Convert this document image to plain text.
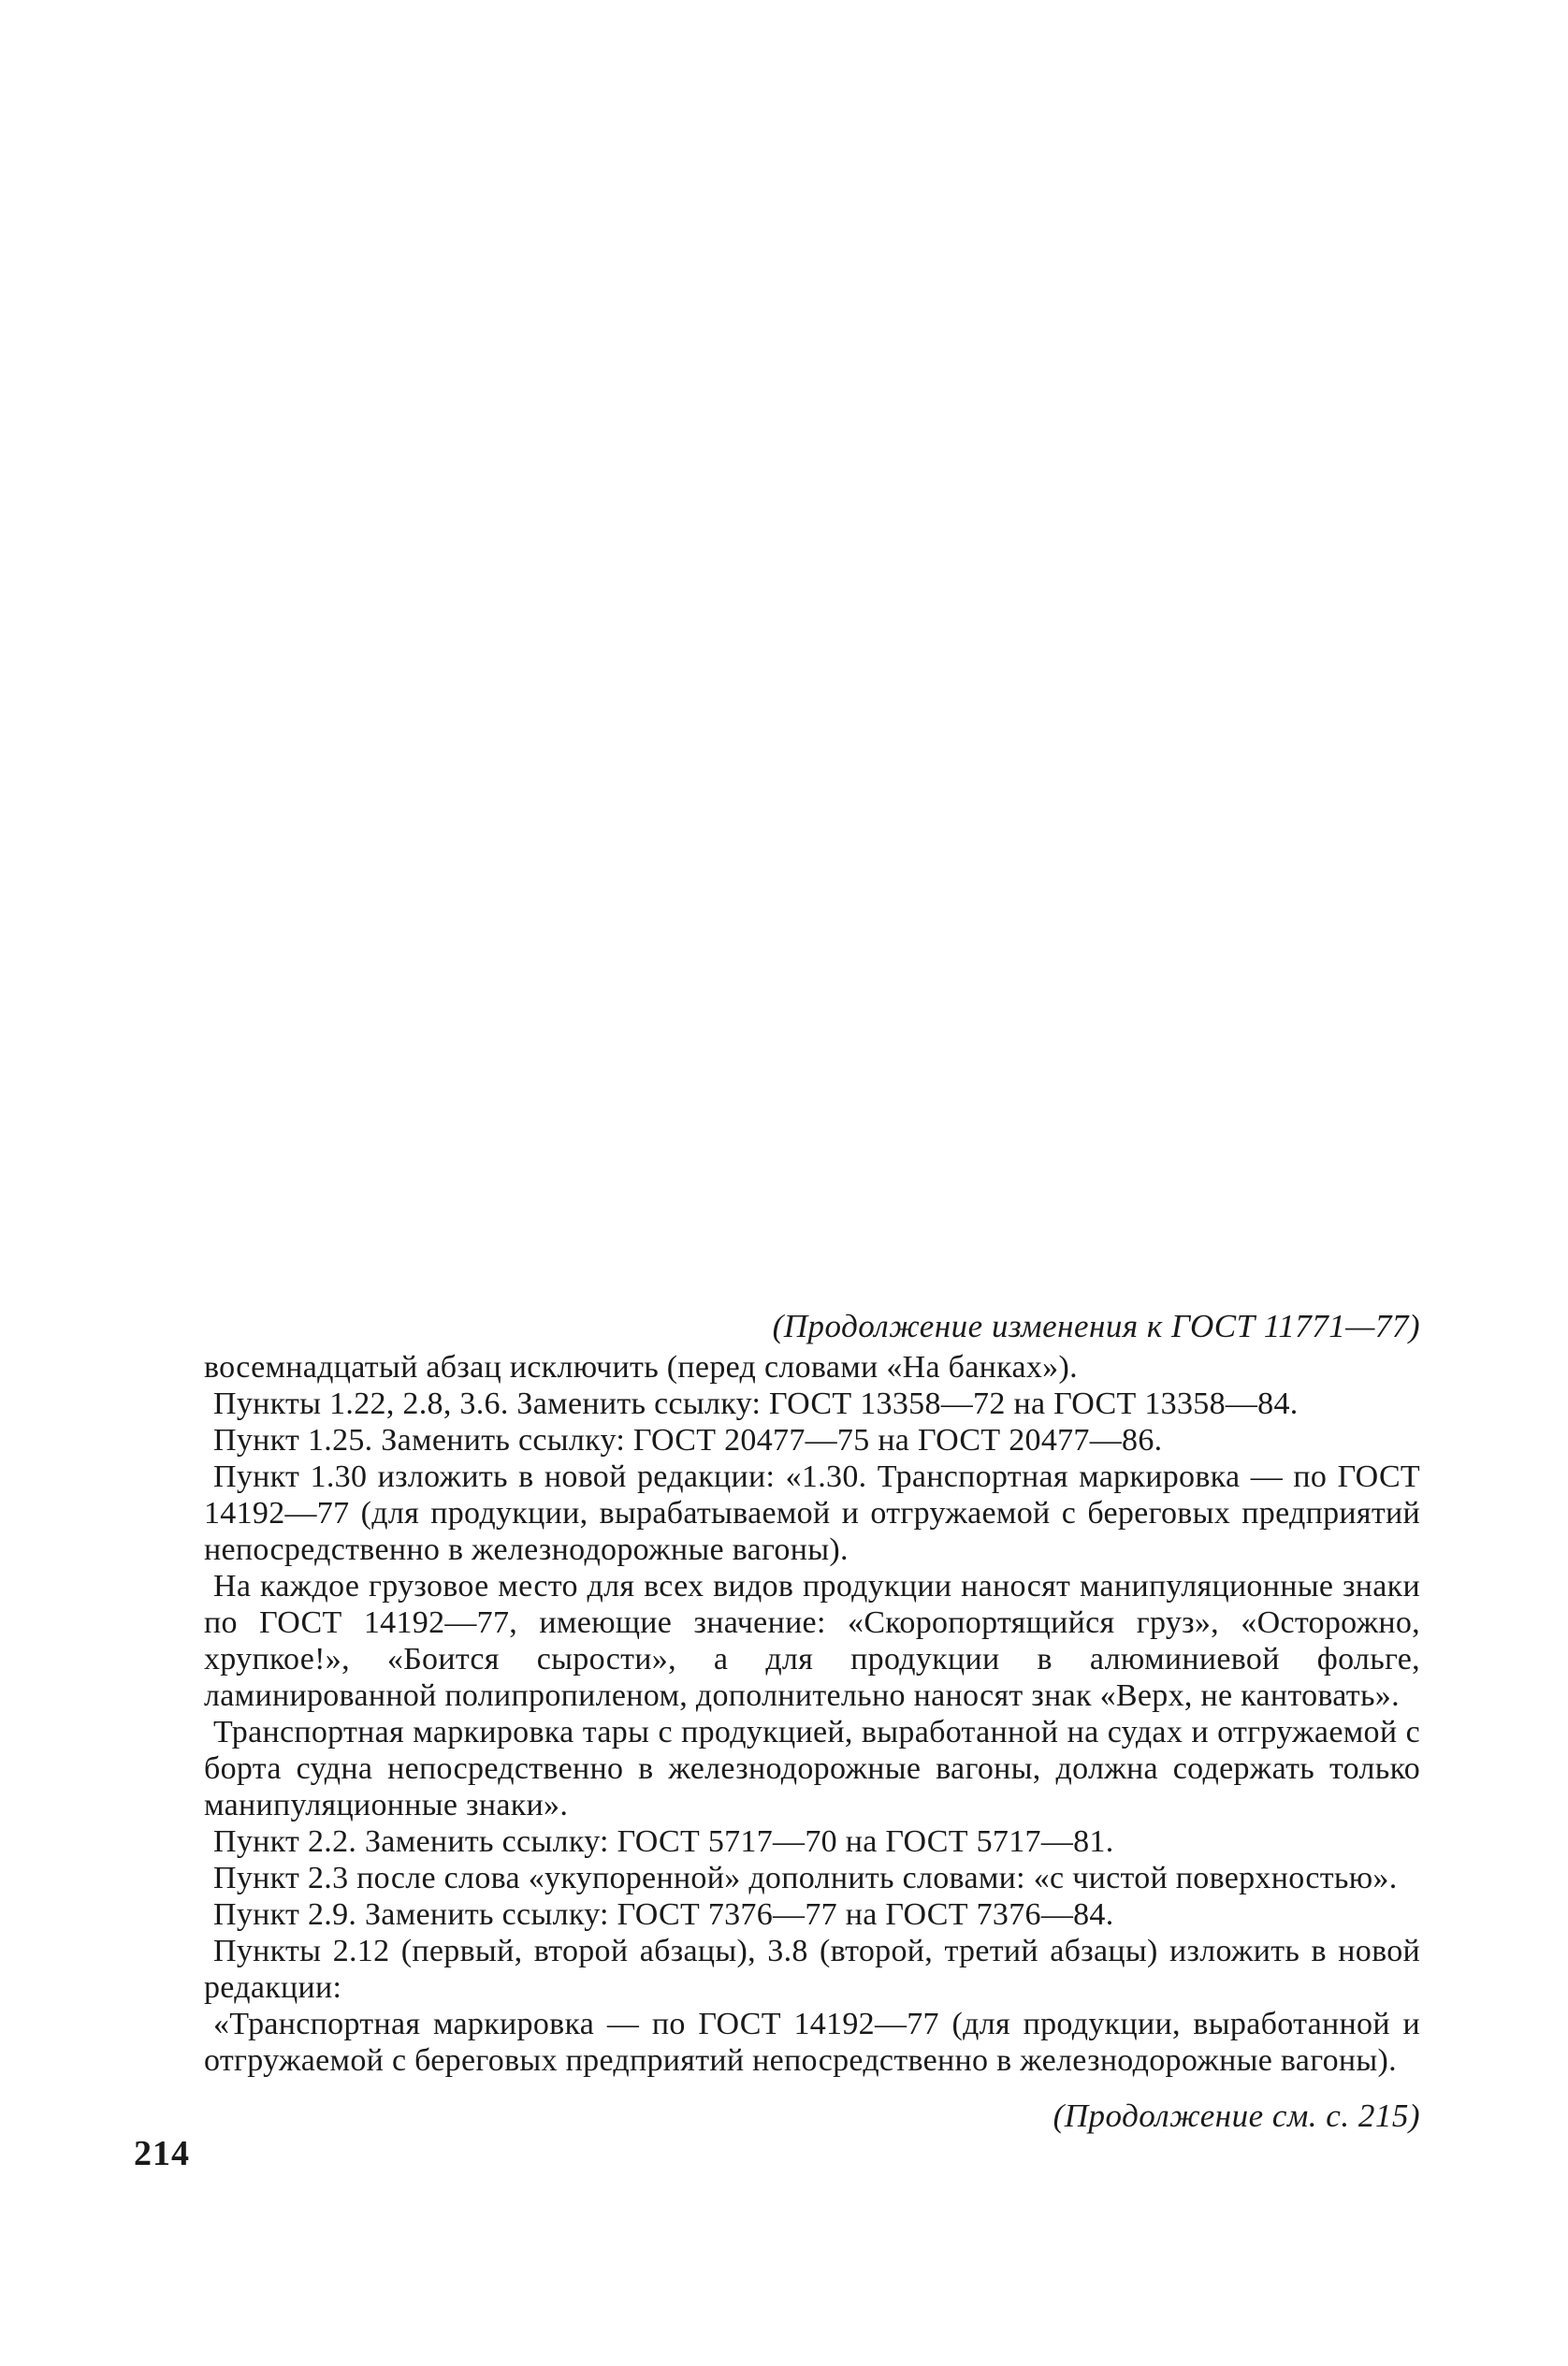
(Продолжение изменения к ГОСТ 11771—77)

восемнадцатый абзац исключить (перед словами «На банках»).

Пункты 1.22, 2.8, 3.6. Заменить ссылку: ГОСТ 13358—72 на ГОСТ 13358—84.

Пункт 1.25. Заменить ссылку: ГОСТ 20477—75 на ГОСТ 20477—86.

Пункт 1.30 изложить в новой редакции: «1.30. Транспортная маркировка — по ГОСТ 14192—77 (для продукции, вырабатываемой и отгружаемой с береговых предприятий непосредственно в железнодорожные вагоны).

На каждое грузовое место для всех видов продукции наносят манипуляционные знаки по ГОСТ 14192—77, имеющие значение: «Скоропортящийся груз», «Осторожно, хрупкое!», «Боится сырости», а для продукции в алюминиевой фольге, ламинированной полипропиленом, дополнительно наносят знак «Верх, не кантовать».

Транспортная маркировка тары с продукцией, выработанной на судах и отгружаемой с борта судна непосредственно в железнодорожные вагоны, должна содержать только манипуляционные знаки».

Пункт 2.2. Заменить ссылку: ГОСТ 5717—70 на ГОСТ 5717—81.

Пункт 2.3 после слова «укупоренной» дополнить словами: «с чистой поверхностью».

Пункт 2.9. Заменить ссылку: ГОСТ 7376—77 на ГОСТ 7376—84.

Пункты 2.12 (первый, второй абзацы), 3.8 (второй, третий абзацы) изложить в новой редакции:

«Транспортная маркировка — по ГОСТ 14192—77 (для продукции, выработанной и отгружаемой с береговых предприятий непосредственно в железнодорожные вагоны).

(Продолжение см. с. 215)

214
